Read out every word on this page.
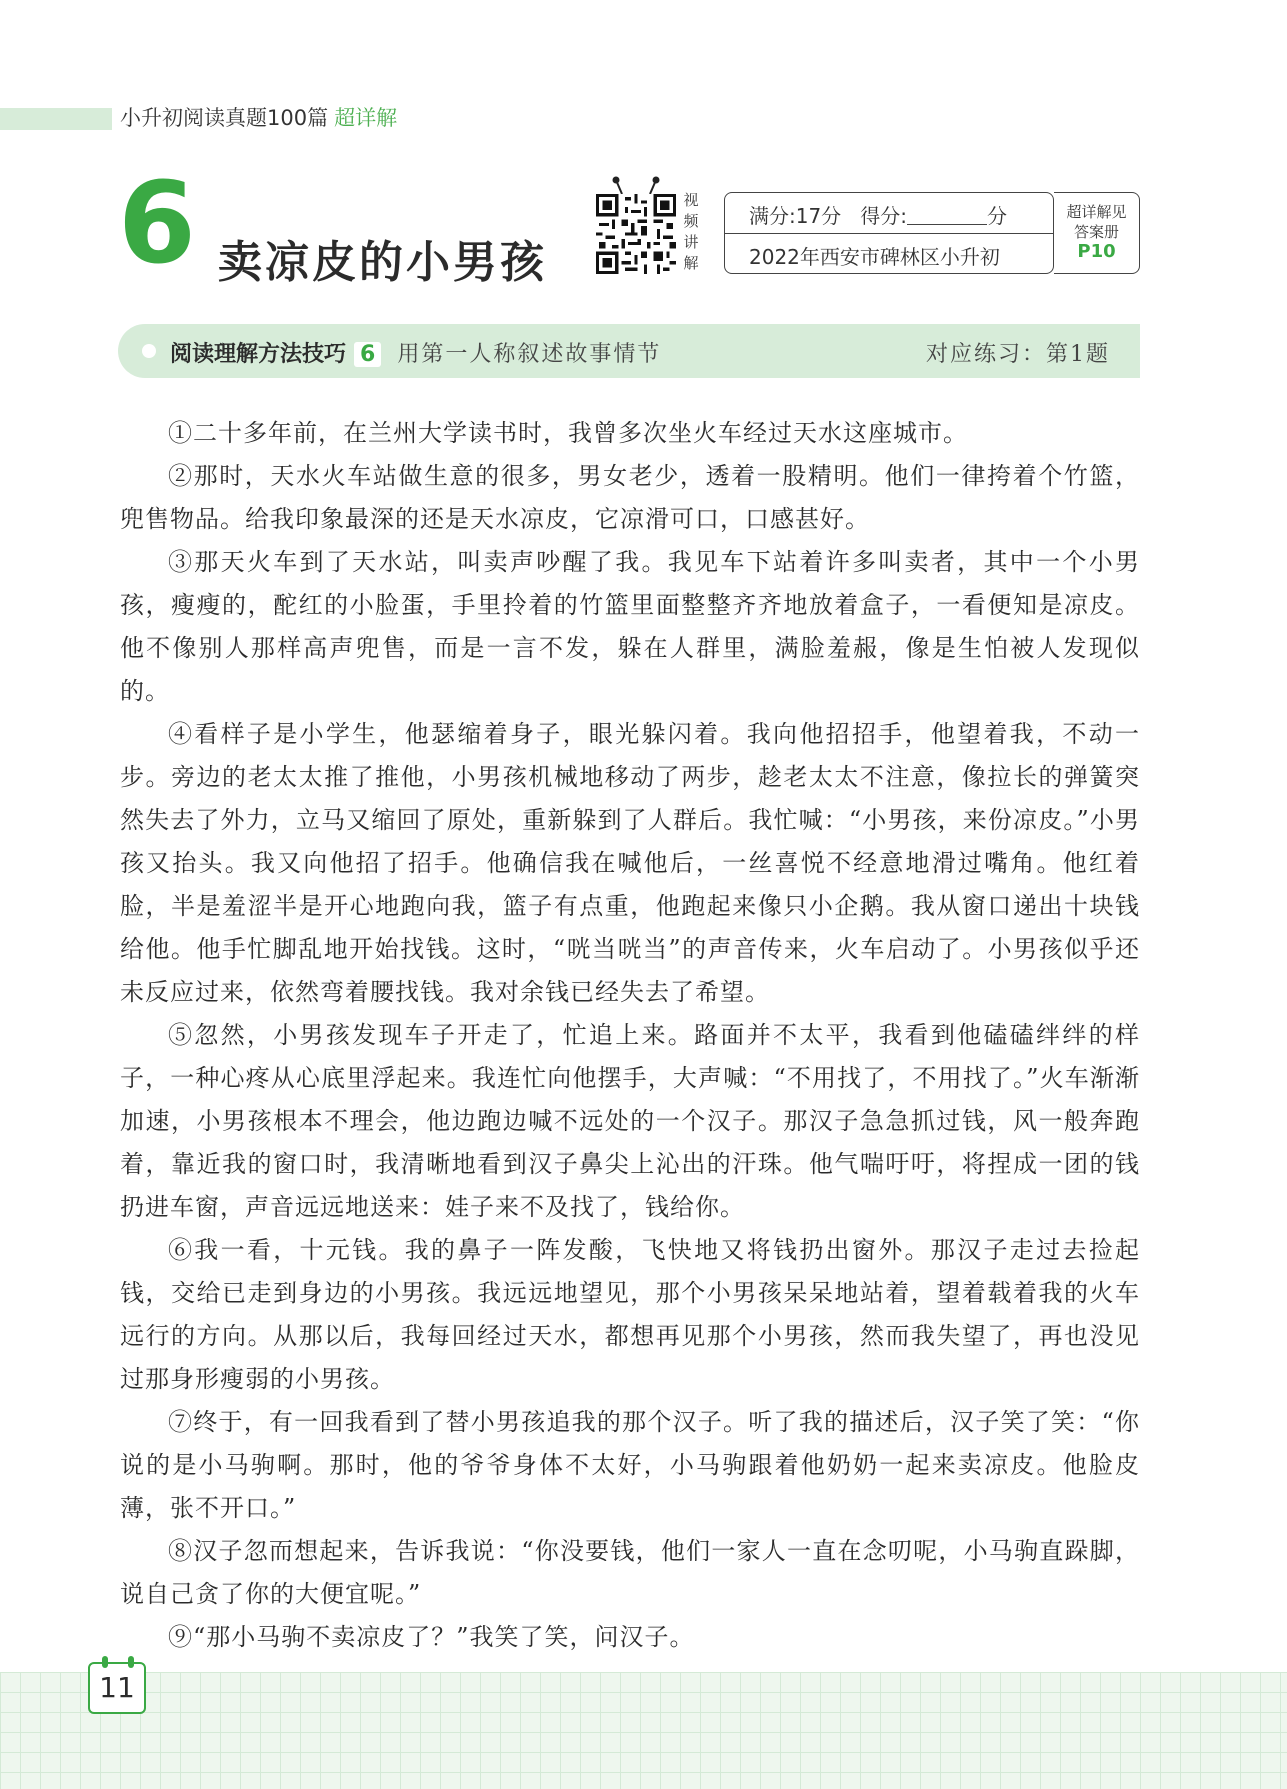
小升初阅读真题100篇 超详解
6 卖凉皮的小男孩
视
频
讲
解
满分:17分 得分:	分
2022年西安市碑林区小升初
超详解见
答案册
P10
阅读理解方法技巧 6 用第一人称叙述故事情节	对应练习：第1题

①二十多年前，在兰州大学读书时，我曾多次坐火车经过天水这座城市。

②那时，天水火车站做生意的很多，男女老少，透着一股精明。他们一律挎着个竹篮，兜售物品。给我印象最深的还是天水凉皮，它凉滑可口，口感甚好。

③那天火车到了天水站，叫卖声吵醒了我。我见车下站着许多叫卖者，其中一个小男孩，瘦瘦的，酡红的小脸蛋，手里拎着的竹篮里面整整齐齐地放着盒子，一看便知是凉皮。他不像别人那样高声兜售，而是一言不发，躲在人群里，满脸羞赧，像是生怕被人发现似的。

④看样子是小学生，他瑟缩着身子，眼光躲闪着。我向他招招手，他望着我，不动一步。旁边的老太太推了推他，小男孩机械地移动了两步，趁老太太不注意，像拉长的弹簧突然失去了外力，立马又缩回了原处，重新躲到了人群后。我忙喊：“小男孩，来份凉皮。”小男孩又抬头。我又向他招了招手。他确信我在喊他后，一丝喜悦不经意地滑过嘴角。他红着脸，半是羞涩半是开心地跑向我，篮子有点重，他跑起来像只小企鹅。我从窗口递出十块钱给他。他手忙脚乱地开始找钱。这时，“咣当咣当”的声音传来，火车启动了。小男孩似乎还未反应过来，依然弯着腰找钱。我对余钱已经失去了希望。

⑤忽然，小男孩发现车子开走了，忙追上来。路面并不太平，我看到他磕磕绊绊的样子，一种心疼从心底里浮起来。我连忙向他摆手，大声喊：“不用找了，不用找了。”火车渐渐加速，小男孩根本不理会，他边跑边喊不远处的一个汉子。那汉子急急抓过钱，风一般奔跑着，靠近我的窗口时，我清晰地看到汉子鼻尖上沁出的汗珠。他气喘吁吁，将捏成一团的钱扔进车窗，声音远远地送来：娃子来不及找了，钱给你。

⑥我一看，十元钱。我的鼻子一阵发酸，飞快地又将钱扔出窗外。那汉子走过去捡起钱，交给已走到身边的小男孩。我远远地望见，那个小男孩呆呆地站着，望着载着我的火车远行的方向。从那以后，我每回经过天水，都想再见那个小男孩，然而我失望了，再也没见过那身形瘦弱的小男孩。

⑦终于，有一回我看到了替小男孩追我的那个汉子。听了我的描述后，汉子笑了笑：“你说的是小马驹啊。那时，他的爷爷身体不太好，小马驹跟着他奶奶一起来卖凉皮。他脸皮薄，张不开口。”

⑧汉子忽而想起来，告诉我说：“你没要钱，他们一家人一直在念叨呢，小马驹直跺脚，说自己贪了你的大便宜呢。”

⑨“那小马驹不卖凉皮了？”我笑了笑，问汉子。

11
